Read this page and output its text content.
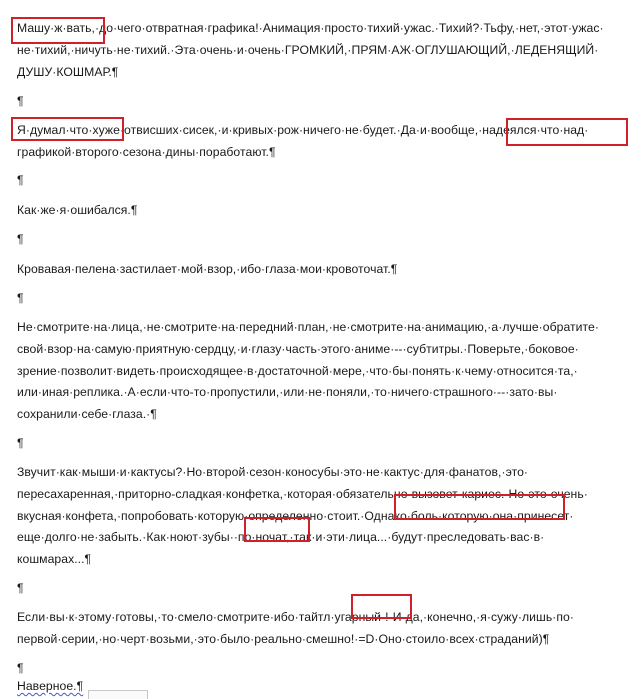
Машу·ж·вать,·до·чего·отвратная·графика!·Анимация·просто·тихий·ужас.·Тихий?·Тьфу,·нет,·этот·ужас·
не·тихий,·ничуть·не·тихий.·Эта·очень·и·очень·ГРОМКИЙ,·ПРЯМ·АЖ·ОГЛУШАЮЩИЙ,·ЛЕДЕНЯЩИЙ·
ДУШУ·КОШМАР.¶
¶
Я·думал·что·хуже·отвисших·сисек,·и·кривых·рож·ничего·не·будет.·Да·и·вообще,·надеялся·что·над·
графикой·второго·сезона·дины·поработают.¶
¶
Как·же·я·ошибался.¶
¶
Кровавая·пелена·застилает·мой·взор,·ибо·глаза·мои·кровоточат.¶
¶
Не·смотрите·на·лица,·не·смотрите·на·передний·план,·не·смотрите·на·анимацию,·а·лучше·обратите·
свой·взор·на·самую·приятную·сердцу,·и·глазу·часть·этого·аниме·--·субтитры.·Поверьте,·боковое·
зрение·позволит·видеть·происходящее·в·достаточной·мере,·что·бы·понять·к·чему·относится·та,·
или·иная·реплика.·А·если·что-то·пропустили,·или·не·поняли,·то·ничего·страшного·--·зато·вы·
сохранили·себе·глаза.·¶
¶
Звучит·как·мыши·и·кактусы?·Но·второй·сезон·коносубы·это·не·кактус·для·фанатов,·это·
пересахаренная,·приторно-сладкая·конфетка,·которая·обязательно·вызовет·кариес.·Но·это·очень·
вкусная·конфета,·попробовать·которую·определенно·стоит.·Однако·боль·которую·она·принесет·
еще·долго·не·забыть.·Как·ноют·зубы··по·ночат,·так·и·эти·лица...·будут·преследовать·вас·в·
кошмарах...¶
¶
Если·вы·к·этому·готовы,·то·смело·смотрите·ибо·тайтл·угарный·!·И·да,·конечно,·я·сужу·лишь·по·
первой·серии,·но·черт·возьми,·это·было·реально·смешно!·=D·Оно·стоило·всех·страданий)¶
¶
Наверное.¶
